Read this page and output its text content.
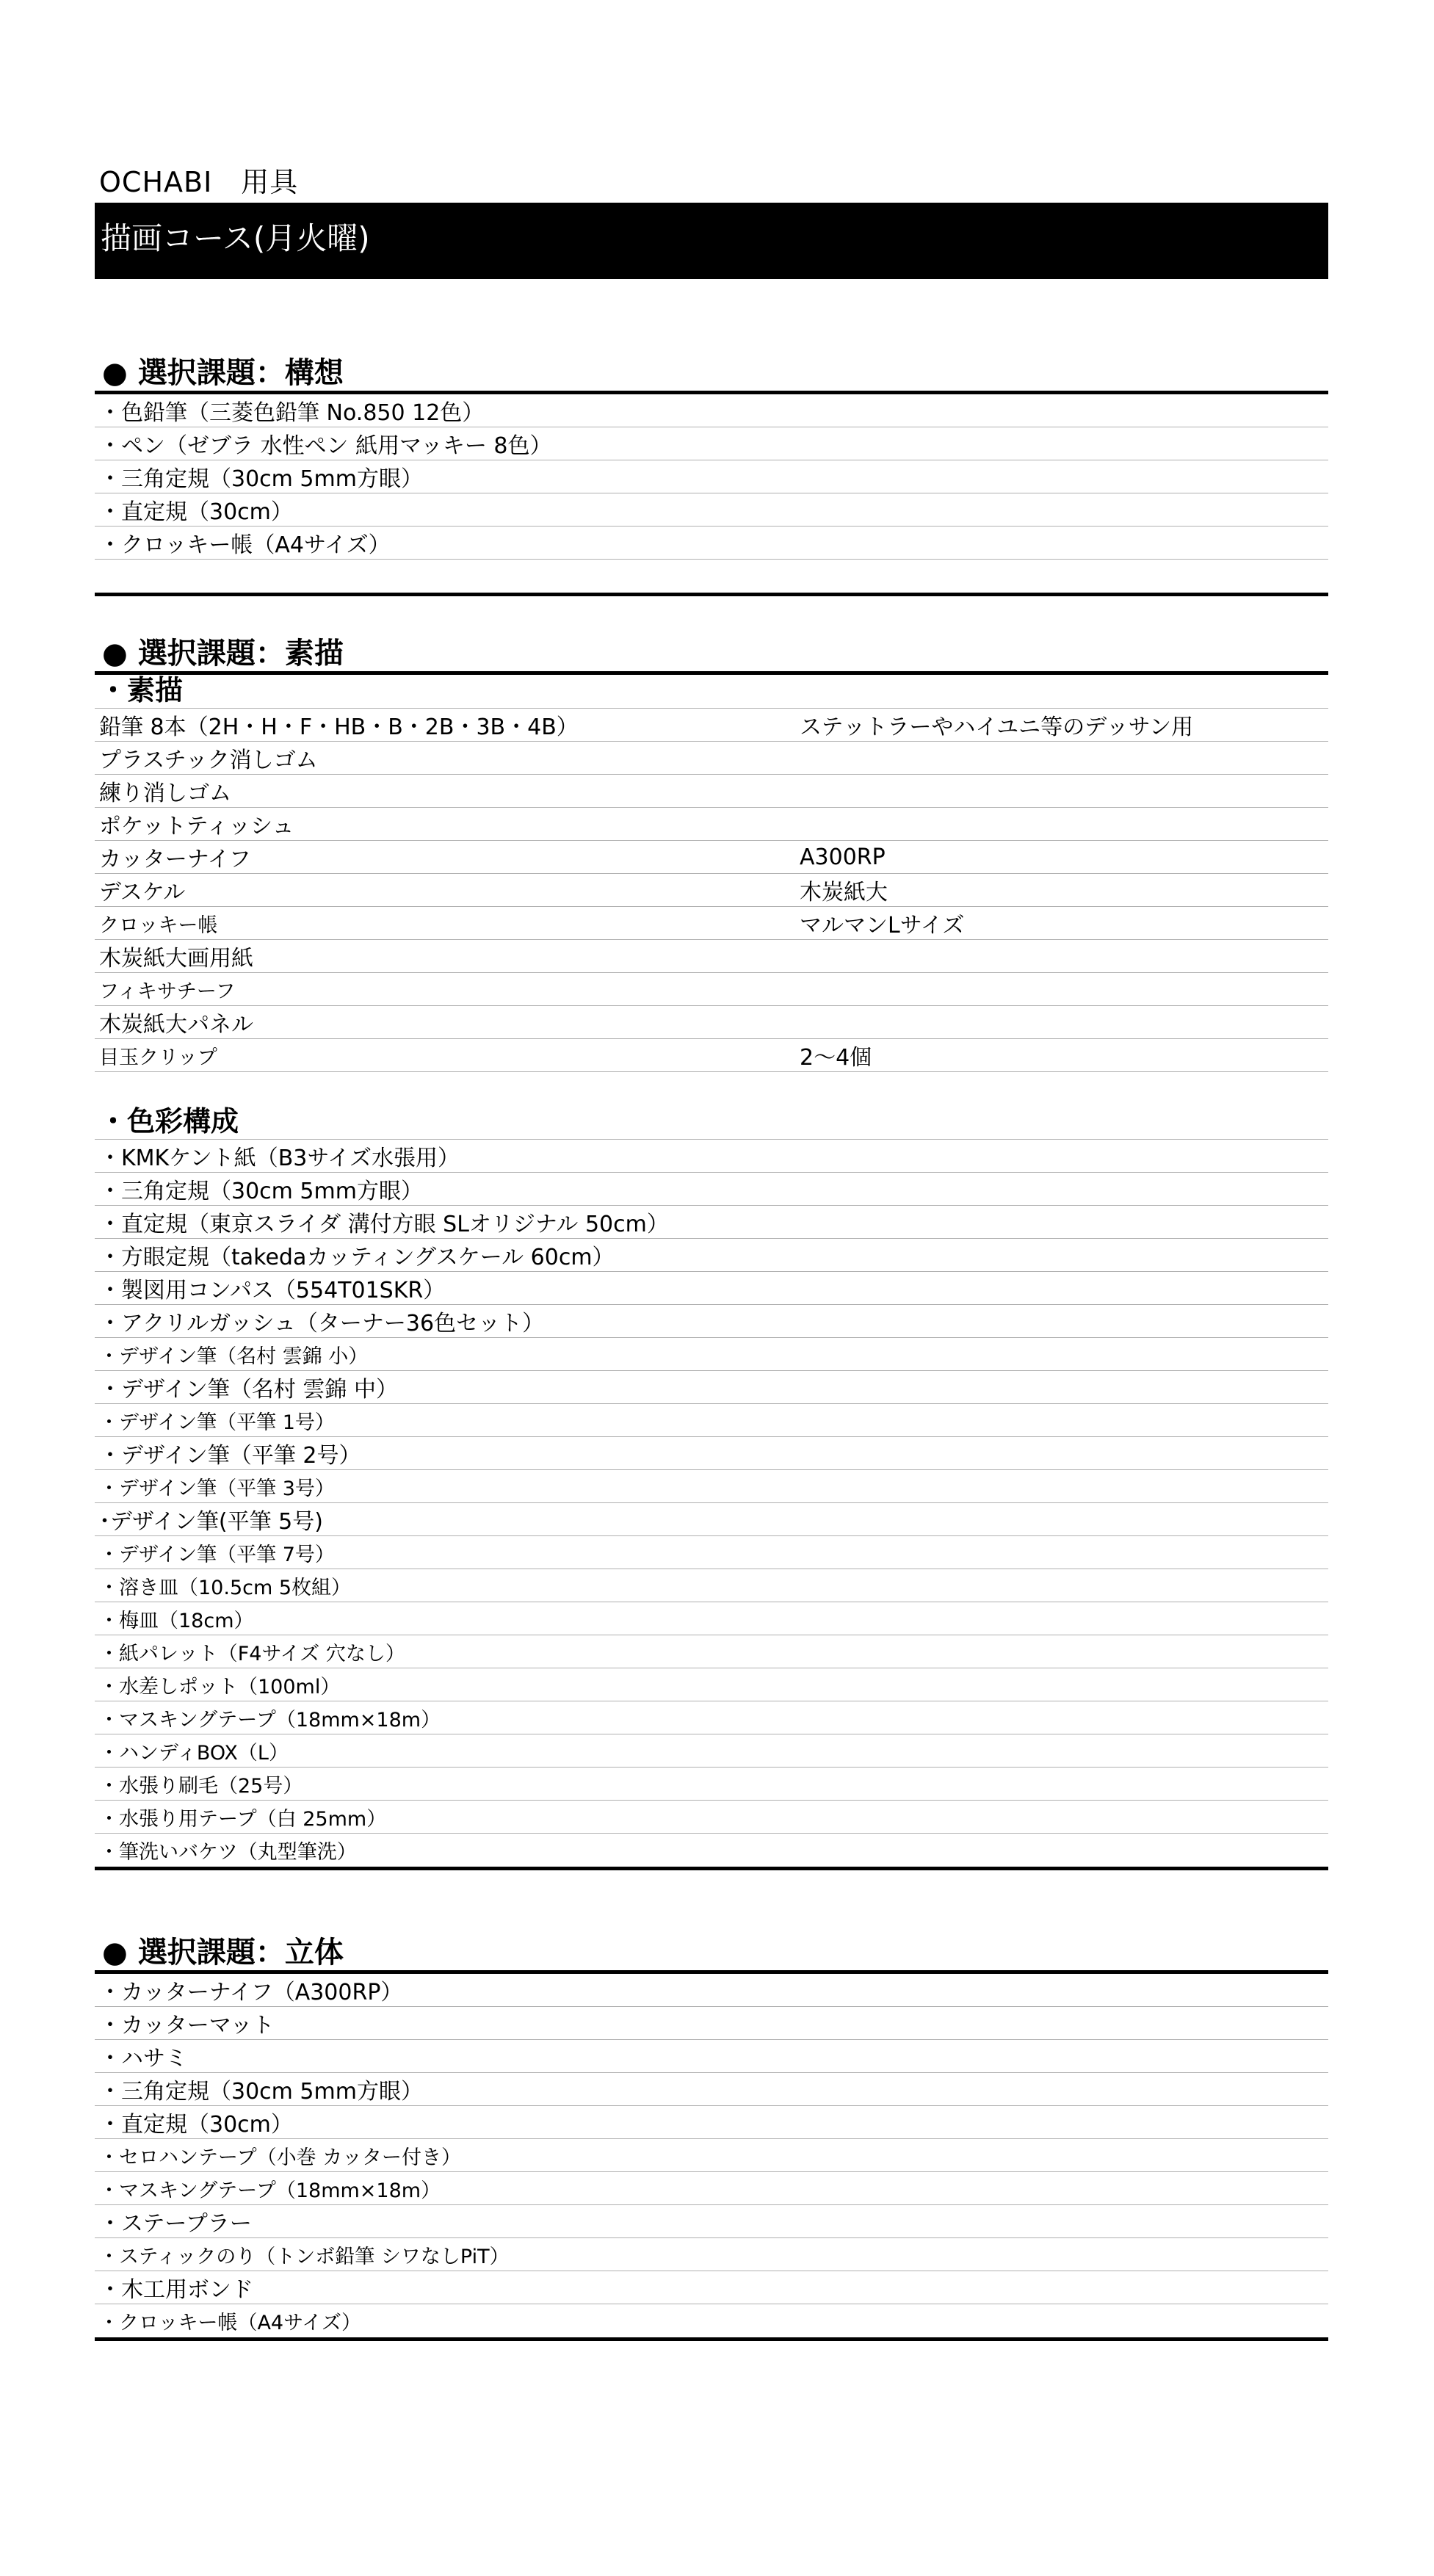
OCHABI　用具
描画コース(月火曜)
● 選択課題：構想
・色鉛筆（三菱色鉛筆 No.850 12色）
・ペン（ゼブラ 水性ペン 紙用マッキー 8色）
・三角定規（30cm 5mm方眼）
・直定規（30cm）
・クロッキー帳（A4サイズ）
● 選択課題：素描
・素描
鉛筆 8本（2H・H・F・HB・B・2B・3B・4B）	ステットラーやハイユニ等のデッサン用
プラスチック消しゴム
練り消しゴム
ポケットティッシュ
カッターナイフ	A300RP
デスケル	木炭紙大
クロッキー帳	マルマンLサイズ
木炭紙大画用紙
フィキサチーフ
木炭紙大パネル
目玉クリップ	2〜4個
・色彩構成
・KMKケント紙（B3サイズ水張用）
・三角定規（30cm 5mm方眼）
・直定規（東京スライダ 溝付方眼 SLオリジナル 50cm）
・方眼定規（takedaカッティングスケール 60cm）
・製図用コンパス（554T01SKR）
・アクリルガッシュ（ターナー36色セット）
・デザイン筆（名村 雲錦 小）
・デザイン筆（名村 雲錦 中）
・デザイン筆（平筆 1号）
・デザイン筆（平筆 2号）
・デザイン筆（平筆 3号）
･デザイン筆(平筆 5号)
・デザイン筆（平筆 7号）
・溶き皿（10.5cm 5枚組）
・梅皿（18cm）
・紙パレット（F4サイズ 穴なし）
・水差しポット（100ml）
・マスキングテープ（18mm×18m）
・ハンディBOX（L）
・水張り刷毛（25号）
・水張り用テープ（白 25mm）
・筆洗いバケツ（丸型筆洗）
● 選択課題：立体
・カッターナイフ（A300RP）
・カッターマット
・ハサミ
・三角定規（30cm 5mm方眼）
・直定規（30cm）
・セロハンテープ（小巻 カッター付き）
・マスキングテープ（18mm×18m）
・ステープラー
・スティックのり（トンボ鉛筆 シワなしPiT）
・木工用ボンド
・クロッキー帳（A4サイズ）
